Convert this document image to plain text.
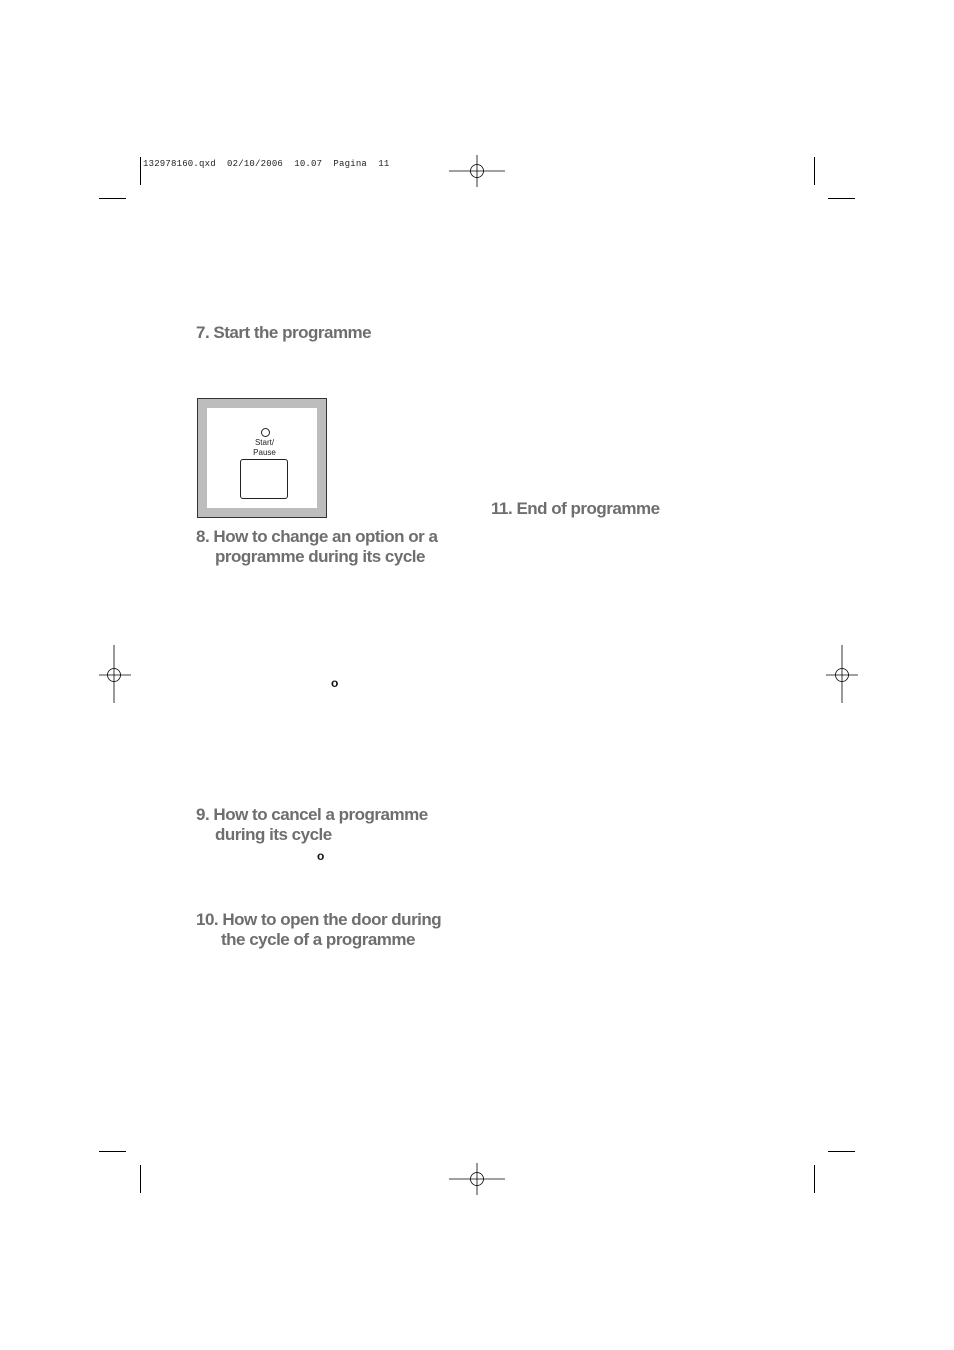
132978160.qxd  02/10/2006  10.07  Pagina  11
7. Start the programme
Start/
Pause
8. How to change an option or a
programme during its cycle
o
9. How to cancel a programme
during its cycle
o
10. How to open the door during
the cycle of a programme
11. End of programme
